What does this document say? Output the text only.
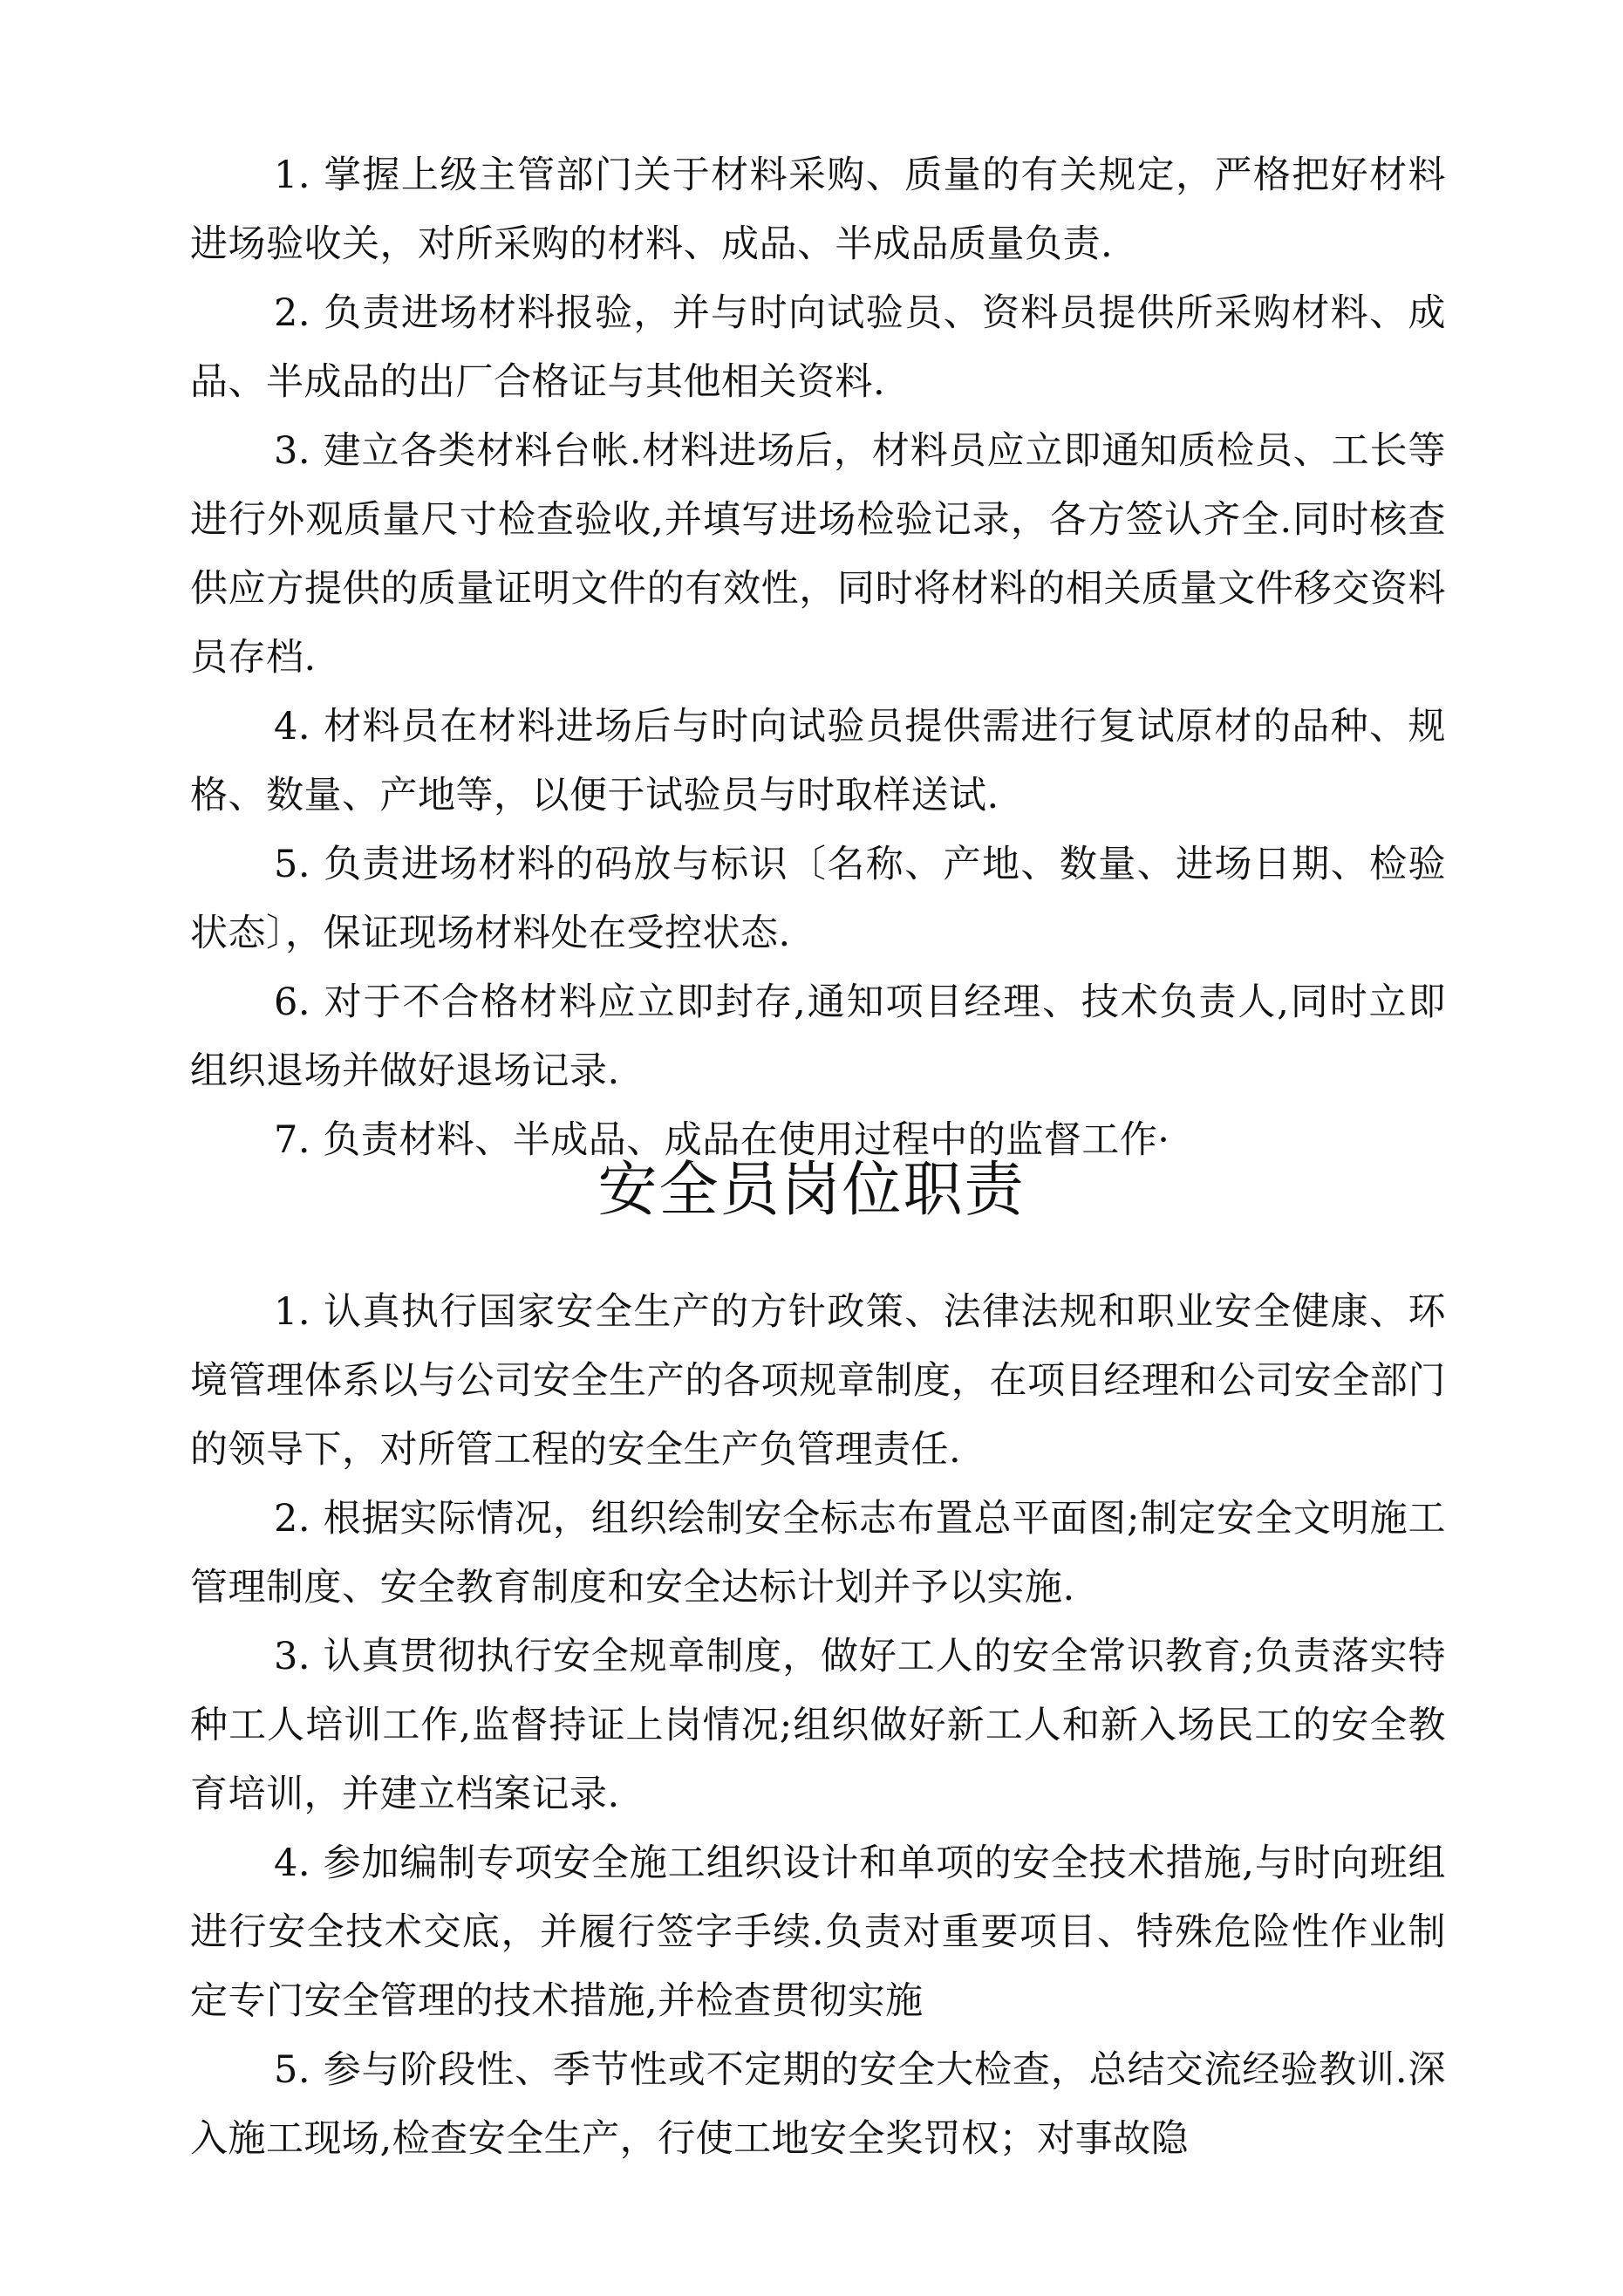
1. 掌握上级主管部门关于材料采购、质量的有关规定，严格把好材料进场验收关，对所采购的材料、成品、半成品质量负责.

2. 负责进场材料报验，并与时向试验员、资料员提供所采购材料、成品、半成品的出厂合格证与其他相关资料.

3. 建立各类材料台帐.材料进场后，材料员应立即通知质检员、工长等进行外观质量尺寸检查验收,并填写进场检验记录，各方签认齐全.同时核查供应方提供的质量证明文件的有效性，同时将材料的相关质量文件移交资料员存档.

4. 材料员在材料进场后与时向试验员提供需进行复试原材的品种、规格、数量、产地等，以便于试验员与时取样送试.

5. 负责进场材料的码放与标识〔名称、产地、数量、进场日期、检验状态〕，保证现场材料处在受控状态.

6. 对于不合格材料应立即封存,通知项目经理、技术负责人,同时立即组织退场并做好退场记录.

7. 负责材料、半成品、成品在使用过程中的监督工作·

安全员岗位职责

1. 认真执行国家安全生产的方针政策、法律法规和职业安全健康、环境管理体系以与公司安全生产的各项规章制度，在项目经理和公司安全部门的领导下，对所管工程的安全生产负管理责任.

2. 根据实际情况，组织绘制安全标志布置总平面图;制定安全文明施工管理制度、安全教育制度和安全达标计划并予以实施.

3. 认真贯彻执行安全规章制度，做好工人的安全常识教育;负责落实特种工人培训工作,监督持证上岗情况;组织做好新工人和新入场民工的安全教育培训，并建立档案记录.

4. 参加编制专项安全施工组织设计和单项的安全技术措施,与时向班组进行安全技术交底，并履行签字手续.负责对重要项目、特殊危险性作业制定专门安全管理的技术措施,并检查贯彻实施

5. 参与阶段性、季节性或不定期的安全大检查，总结交流经验教训.深入施工现场,检查安全生产，行使工地安全奖罚权；对事故隐
